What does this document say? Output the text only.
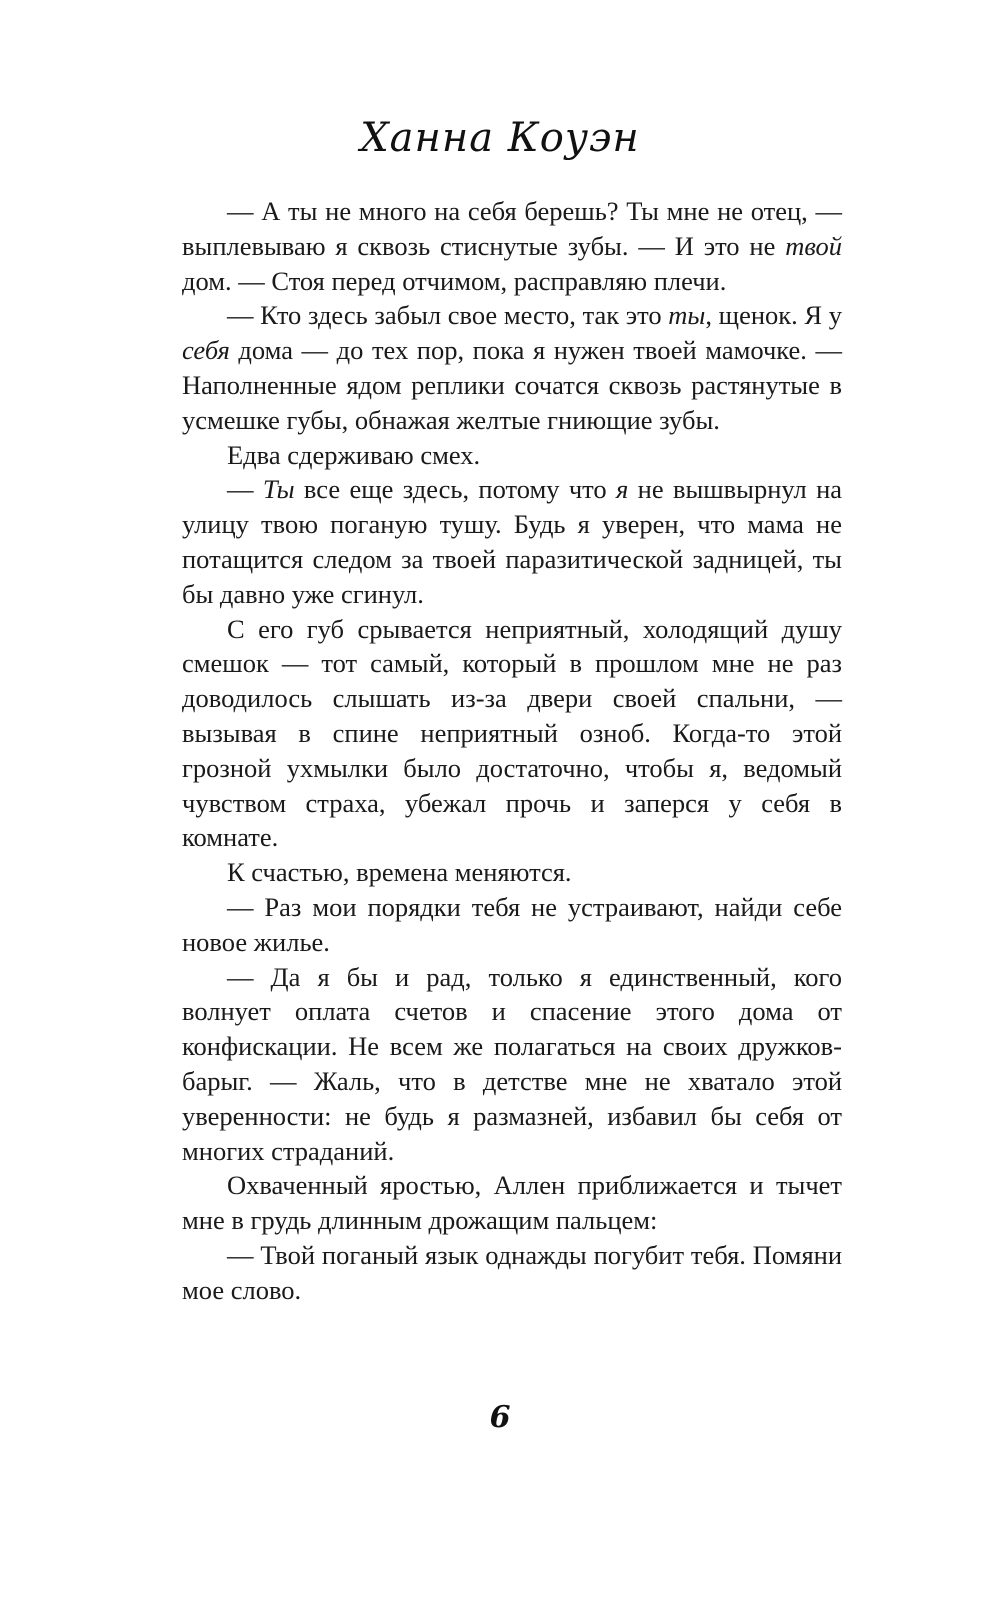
Ханна Коуэн

— А ты не много на себя берешь? Ты мне не отец, — выплевываю я сквозь стиснутые зубы. — И это не твой дом. — Стоя перед отчимом, расправляю плечи.

— Кто здесь забыл свое место, так это ты, щенок. Я у себя дома — до тех пор, пока я нужен твоей мамочке. — Наполненные ядом реплики сочатся сквозь растянутые в усмешке губы, обнажая желтые гниющие зубы.

Едва сдерживаю смех.

— Ты все еще здесь, потому что я не вышвырнул на улицу твою поганую тушу. Будь я уверен, что мама не потащится следом за твоей паразитической задницей, ты бы давно уже сгинул.

С его губ срывается неприятный, холодящий душу смешок — тот самый, который в прошлом мне не раз доводилось слышать из-за двери своей спальни, — вызывая в спине неприятный озноб. Когда-то этой грозной ухмылки было достаточно, чтобы я, ведомый чувством страха, убежал прочь и заперся у себя в комнате.

К счастью, времена меняются.

— Раз мои порядки тебя не устраивают, найди себе новое жилье.

— Да я бы и рад, только я единственный, кого волнует оплата счетов и спасение этого дома от конфискации. Не всем же полагаться на своих дружков-барыг. — Жаль, что в детстве мне не хватало этой уверенности: не будь я размазней, избавил бы себя от многих страданий.

Охваченный яростью, Аллен приближается и тычет мне в грудь длинным дрожащим пальцем:

— Твой поганый язык однажды погубит тебя. Помяни мое слово.

6
